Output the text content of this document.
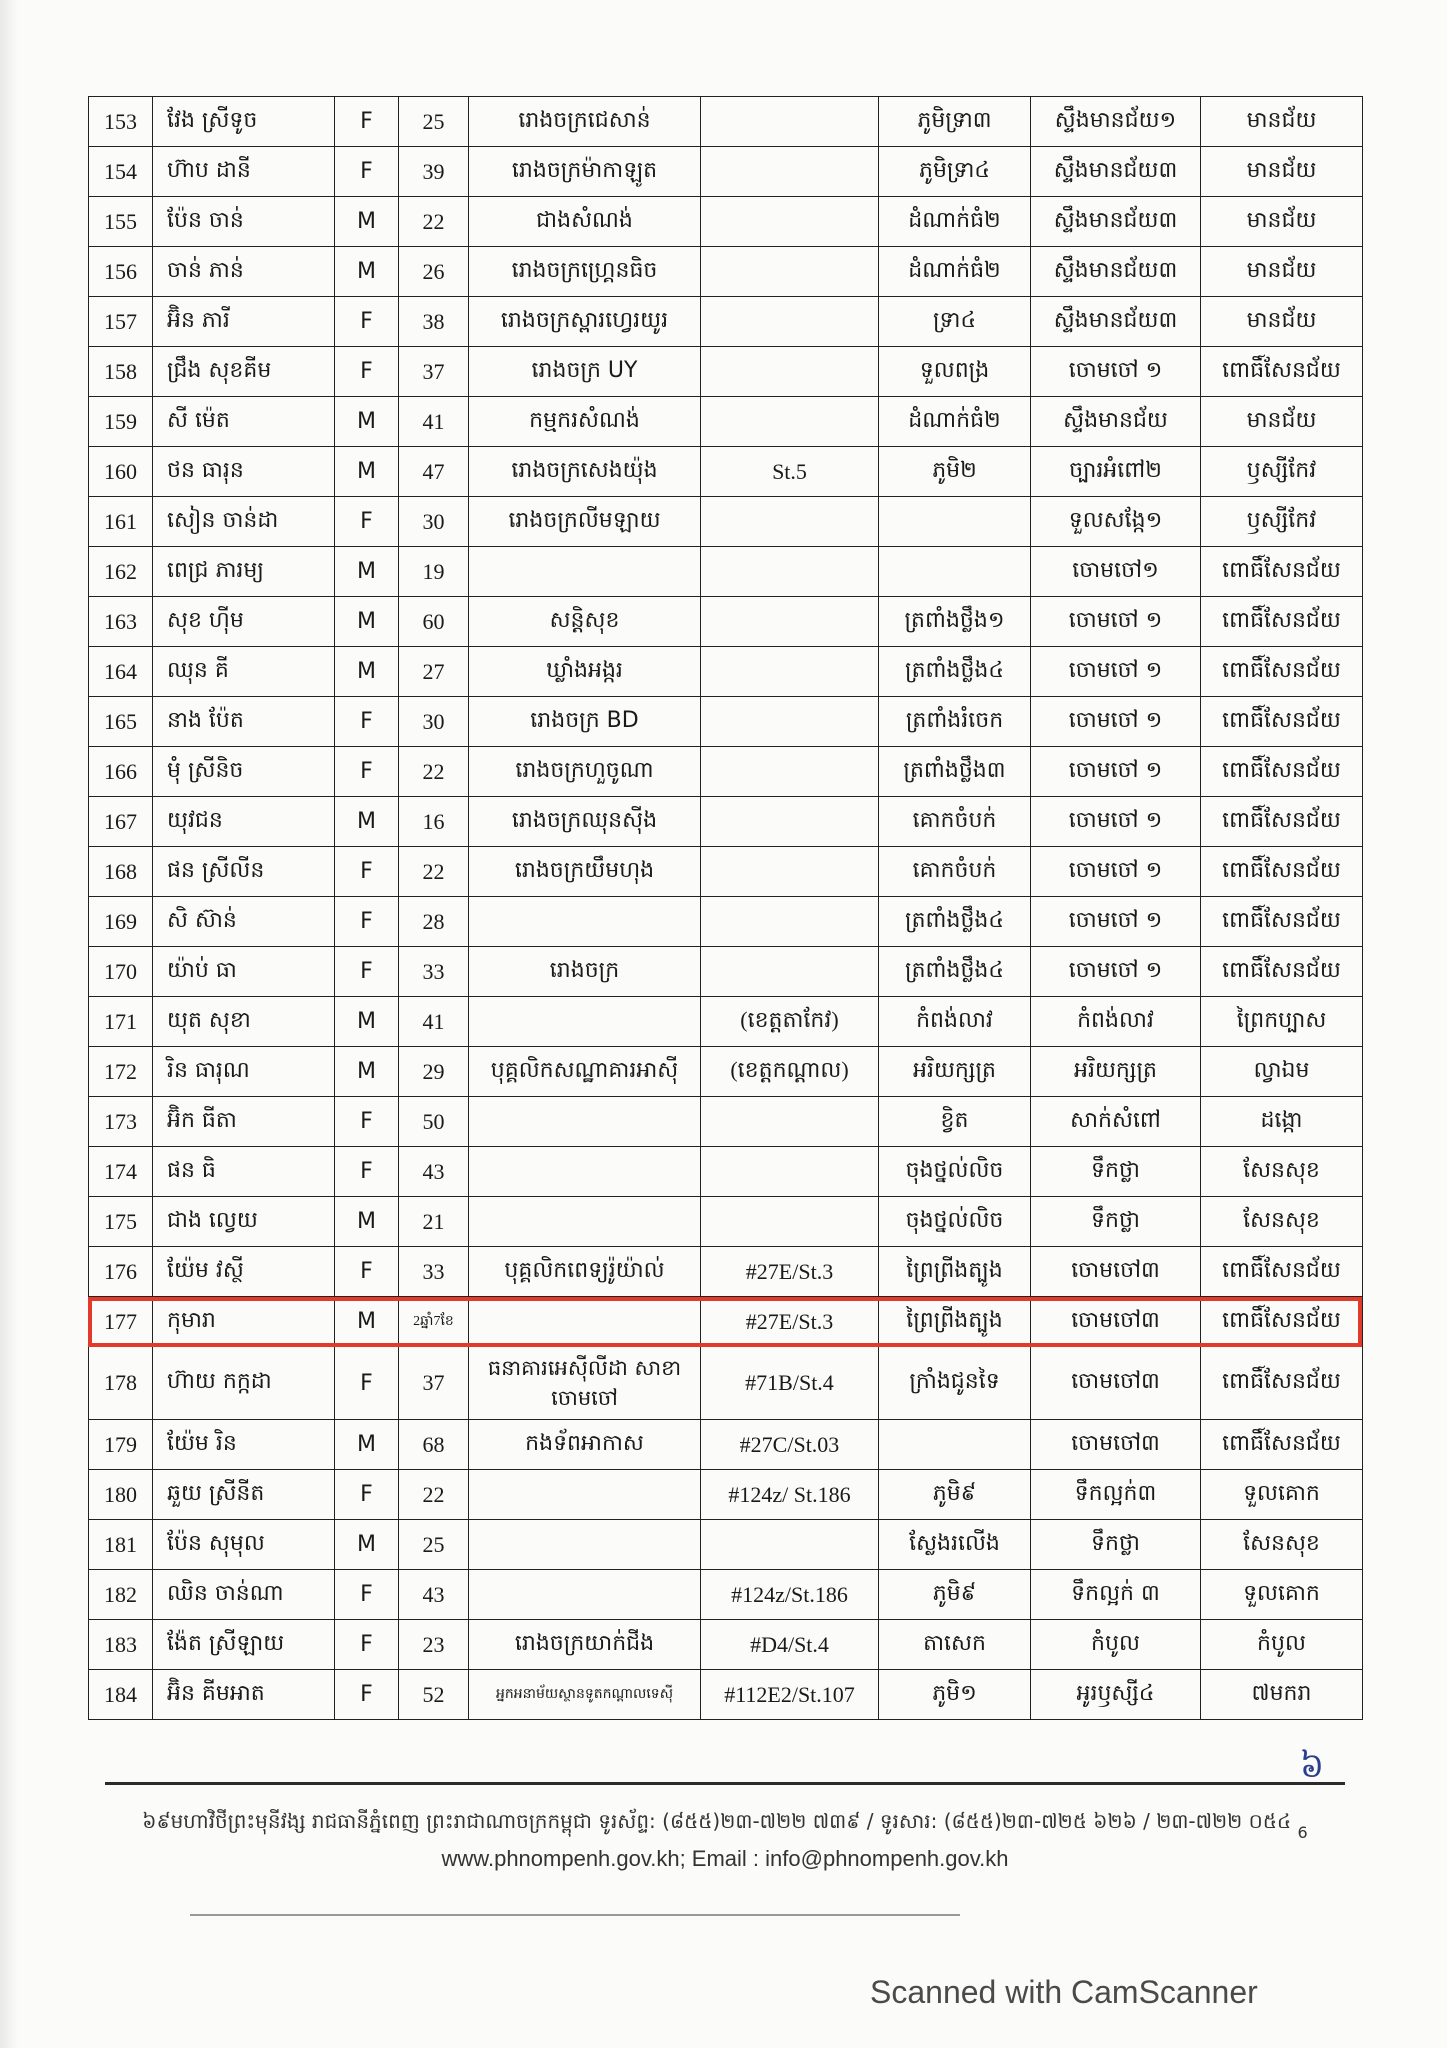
153	វែង ស្រីទូច	F	25	រោងចក្រជេសាន់		ភូមិទ្រា៣	ស្ទឹងមានជ័យ១	មានជ័យ
154	ហ៊ាប ដានី	F	39	រោងចក្រម៉ាកាឡូត		ភូមិទ្រា៤	ស្ទឹងមានជ័យ៣	មានជ័យ
155	ប៉ែន ចាន់	M	22	ជាងសំណង់		ដំណាក់ធំ២	ស្ទឹងមានជ័យ៣	មានជ័យ
156	ចាន់ ភាន់	M	26	រោងចក្រហ្គ្រេនធិច		ដំណាក់ធំ២	ស្ទឹងមានជ័យ៣	មានជ័យ
157	អ៊ិន ភារី	F	38	រោងចក្រស្ពារហ្វេរយូរ		ទ្រា៤	ស្ទឹងមានជ័យ៣	មានជ័យ
158	ជ្រឹង សុខគីម	F	37	រោងចក្រ UY		ទួលពង្រ	ចោមចៅ ១	ពោធិ៍សែនជ័យ
159	សី ម៉េត	M	41	កម្មករសំណង់		ដំណាក់ធំ២	ស្ទឹងមានជ័យ	មានជ័យ
160	ថន ធារុន	M	47	រោងចក្រសេងយ៉ុង	St.5	ភូមិ២	ច្បារអំពៅ២	ឫស្សីកែវ
161	សៀន ចាន់ដា	F	30	រោងចក្រលីមឡាយ			ទួលសង្កែ១	ឫស្សីកែវ
162	ពេជ្រ ភារម្យ	M	19				ចោមចៅ១	ពោធិ៍សែនជ័យ
163	សុខ ហ៊ីម	M	60	សន្តិសុខ		ត្រពាំងថ្លឹង១	ចោមចៅ ១	ពោធិ៍សែនជ័យ
164	ឈុន គី	M	27	ឃ្លាំងអង្ករ		ត្រពាំងថ្លឹង៤	ចោមចៅ ១	ពោធិ៍សែនជ័យ
165	នាង ប៉ែត	F	30	រោងចក្រ BD		ត្រពាំងរំចេក	ចោមចៅ ១	ពោធិ៍សែនជ័យ
166	មុំ ស្រីនិច	F	22	រោងចក្រហួចូណា		ត្រពាំងថ្លឹង៣	ចោមចៅ ១	ពោធិ៍សែនជ័យ
167	យុវជន	M	16	រោងចក្រឈុនស៊ីង		គោកចំបក់	ចោមចៅ ១	ពោធិ៍សែនជ័យ
168	ផន ស្រីលីន	F	22	រោងចក្រយឹមហុង		គោកចំបក់	ចោមចៅ ១	ពោធិ៍សែនជ័យ
169	សិ ស៊ាន់	F	28			ត្រពាំងថ្លឹង៤	ចោមចៅ ១	ពោធិ៍សែនជ័យ
170	យ៉ាប់ ធា	F	33	រោងចក្រ		ត្រពាំងថ្លឹង៤	ចោមចៅ ១	ពោធិ៍សែនជ័យ
171	យុត សុខា	M	41		(ខេត្តតាកែវ)	កំពង់លាវ	កំពង់លាវ	ព្រៃកប្បាស
172	រិន ធារុណ	M	29	បុគ្គលិកសណ្ឋាគារអាស៊ី	(ខេត្តកណ្តាល)	អរិយក្សត្រ	អរិយក្សត្រ	ល្វាឯម
173	អ៊ិក ធីតា	F	50			ខ្វិត	សាក់សំពៅ	ដង្កោ
174	ផន ធិ	F	43			ចុងថ្នល់លិច	ទឹកថ្លា	សែនសុខ
175	ជាង ល្វេយ	M	21			ចុងថ្នល់លិច	ទឹកថ្លា	សែនសុខ
176	យ៉ែម វស្ថី	F	33	បុគ្គលិកពេទ្យរ៉ូយ៉ាល់	#27E/St.3	ព្រៃព្រីងត្បូង	ចោមចៅ៣	ពោធិ៍សែនជ័យ
177	កុមារា	M	2ឆ្នាំ7ខែ		#27E/St.3	ព្រៃព្រីងត្បូង	ចោមចៅ៣	ពោធិ៍សែនជ័យ
178	ហ៊ាយ កក្កដា	F	37	ធនាគារអេស៊ីលីដា សាខាចោមចៅ	#71B/St.4	ក្រាំងជូនទៃ	ចោមចៅ៣	ពោធិ៍សែនជ័យ
179	យ៉ែម រិន	M	68	កងទ័ពអាកាស	#27C/St.03		ចោមចៅ៣	ពោធិ៍សែនជ័យ
180	ឆួយ ស្រីនីត	F	22		#124z/ St.186	ភូមិ៩	ទឹកល្អក់៣	ទួលគោក
181	ប៉ែន សុមុល	M	25			ស្លែងរលើង	ទឹកថ្លា	សែនសុខ
182	ឈិន ចាន់ណា	F	43		#124z/St.186	ភូមិ៩	ទឹកល្អក់ ៣	ទួលគោក
183	ង៉ែត ស្រីឡាយ	F	23	រោងចក្រយាក់ជីង	#D4/St.4	តាសេក	កំបូល	កំបូល
184	អ៊ិន គីមអាត	F	52	អ្នកអនាម័យស្ថានទូតកណ្តាលទេសុី	#112E2/St.107	ភូមិ១	អូរឫស្សី៤	៧មករា
៦
៦៩មហាវិថីព្រះមុនីវង្ស រាជធានីភ្នំពេញ ព្រះរាជាណាចក្រកម្ពុជា ទូរស័ព្ទ: (៨៥៥)២៣-៧២២ ៧៣៩ / ទូរសារ: (៨៥៥)២៣-៧២៥ ៦២៦ / ២៣-៧២២ ០៥៤ $_6$
www.phnompenh.gov.kh; Email : info@phnompenh.gov.kh
Scanned with CamScanner
